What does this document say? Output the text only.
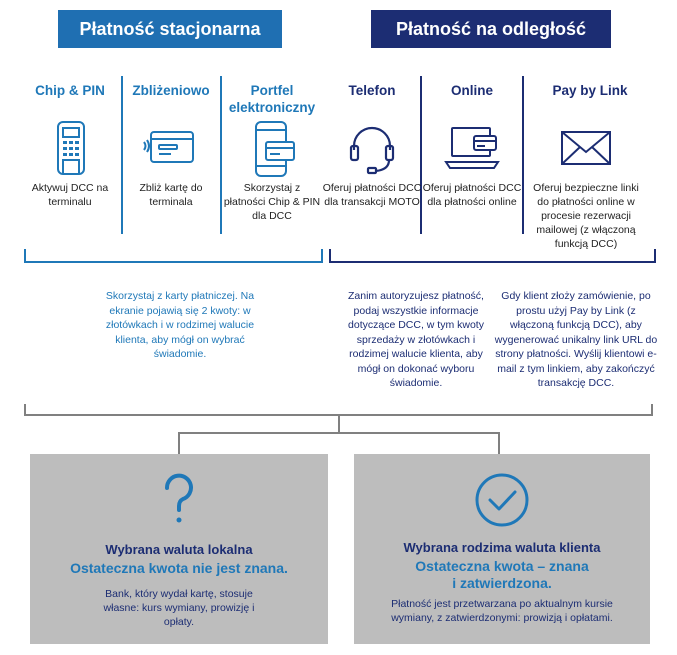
Płatność stacjonarna	Płatność na odległość
Chip & PIN	Zbliżeniowo	Portfel elektroniczny
Telefon	Online	Pay by Link
Aktywuj DCC na terminalu
Zbliż kartę do terminala
Skorzystaj z płatności Chip & PIN dla DCC
Oferuj płatności DCC dla transakcji MOTO
Oferuj płatności DCC dla płatności online
Oferuj bezpieczne linki do płatności online w procesie rezerwacji mailowej (z włączoną funkcją DCC)
Skorzystaj z karty płatniczej. Na ekranie pojawią się 2 kwoty: w złotówkach i w rodzimej walucie klienta, aby mógł on wybrać świadomie.
Zanim autoryzujesz płatność, podaj wszystkie informacje dotyczące DCC, w tym kwoty sprzedaży w złotówkach i rodzimej walucie klienta, aby mógł on dokonać wyboru świadomie.
Gdy klient złoży zamówienie, po prostu użyj Pay by Link (z włączoną funkcją DCC), aby wygenerować unikalny link URL do strony płatności. Wyślij klientowi e-mail z tym linkiem, aby zakończyć transakcję DCC.
Wybrana waluta lokalna
Ostateczna kwota nie jest znana.
Bank, który wydał kartę, stosuje własne: kurs wymiany, prowizję i opłaty.
Wybrana rodzima waluta klienta
Ostateczna kwota – znana i zatwierdzona.
Płatność jest przetwarzana po aktualnym kursie wymiany, z zatwierdzonymi: prowizją i opłatami.
